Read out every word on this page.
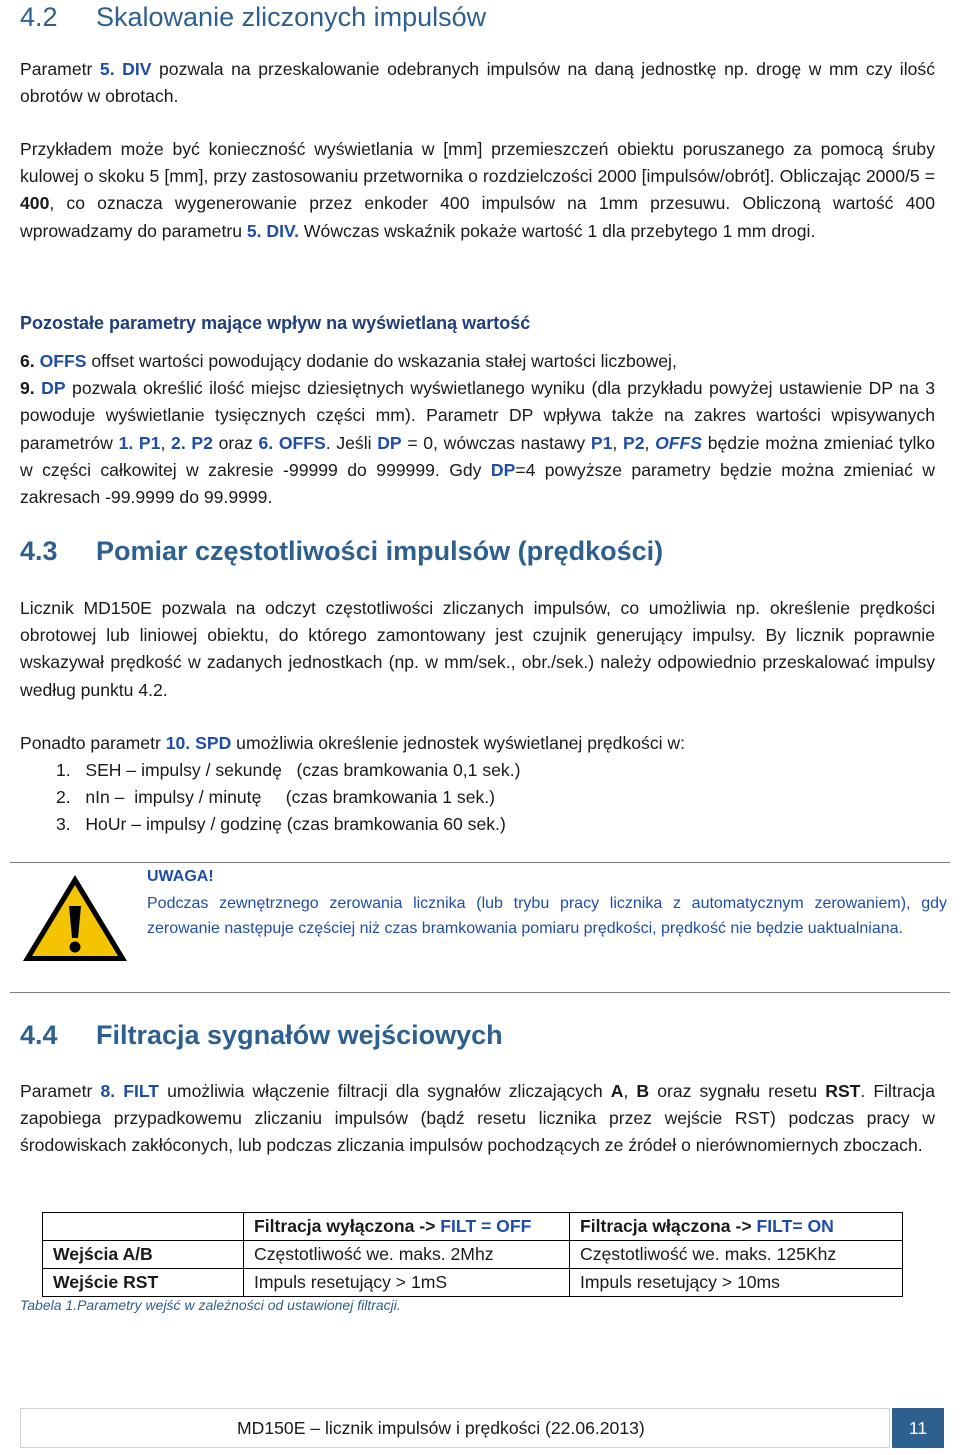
4.2 Skalowanie zliczonych impulsów

Parametr 5. DIV pozwala na przeskalowanie odebranych impulsów na daną jednostkę np. drogę w mm czy ilość obrotów w obrotach.

Przykładem może być konieczność wyświetlania w [mm] przemieszczeń obiektu poruszanego za pomocą śruby kulowej o skoku 5 [mm], przy zastosowaniu przetwornika o rozdzielczości 2000 [impulsów/obrót]. Obliczając 2000/5 = 400, co oznacza wygenerowanie przez enkoder 400 impulsów na 1mm przesuwu. Obliczoną wartość 400 wprowadzamy do parametru 5. DIV. Wówczas wskaźnik pokaże wartość 1 dla przebytego 1 mm drogi.

Pozostałe parametry mające wpływ na wyświetlaną wartość

6. OFFS offset wartości powodujący dodanie do wskazania stałej wartości liczbowej,
9. DP pozwala określić ilość miejsc dziesiętnych wyświetlanego wyniku (dla przykładu powyżej ustawienie DP na 3 powoduje wyświetlanie tysięcznych części mm). Parametr DP wpływa także na zakres wartości wpisywanych parametrów 1. P1, 2. P2 oraz 6. OFFS. Jeśli DP = 0, wówczas nastawy P1, P2, OFFS będzie można zmieniać tylko w części całkowitej w zakresie -99999 do 999999. Gdy DP=4 powyższe parametry będzie można zmieniać w zakresach -99.9999 do 99.9999.

4.3 Pomiar częstotliwości impulsów (prędkości)

Licznik MD150E pozwala na odczyt częstotliwości zliczanych impulsów, co umożliwia np. określenie prędkości obrotowej lub liniowej obiektu, do którego zamontowany jest czujnik generujący impulsy. By licznik poprawnie wskazywał prędkość w zadanych jednostkach (np. w mm/sek., obr./sek.) należy odpowiednio przeskalować impulsy według punktu 4.2.

Ponadto parametr 10. SPD umożliwia określenie jednostek wyświetlanej prędkości w:

1.   SEH – impulsy / sekundę   (czas bramkowania 0,1 sek.)
2.   nIn –  impulsy / minutę     (czas bramkowania 1 sek.)
3.   HoUr – impulsy / godzinę (czas bramkowania 60 sek.)

UWAGA!

Podczas zewnętrznego zerowania licznika (lub trybu pracy licznika z automatycznym zerowaniem), gdy zerowanie następuje częściej niż czas bramkowania pomiaru prędkości, prędkość nie będzie uaktualniana.

4.4 Filtracja sygnałów wejściowych

Parametr 8. FILT umożliwia włączenie filtracji dla sygnałów zliczających A, B oraz sygnału resetu RST. Filtracja zapobiega przypadkowemu zliczaniu impulsów (bądź resetu licznika przez wejście RST) podczas pracy w środowiskach zakłóconych, lub podczas zliczania impulsów pochodzących ze źródeł o nierównomiernych zboczach.

	Filtracja wyłączona -> FILT = OFF	Filtracja włączona -> FILT= ON
Wejścia A/B	Częstotliwość we. maks. 2Mhz	Częstotliwość we. maks. 125Khz
Wejście RST	Impuls resetujący > 1mS	Impuls resetujący > 10ms

Tabela 1.Parametry wejść w zależności od ustawionej filtracji.

MD150E – licznik impulsów i prędkości (22.06.2013)	11
